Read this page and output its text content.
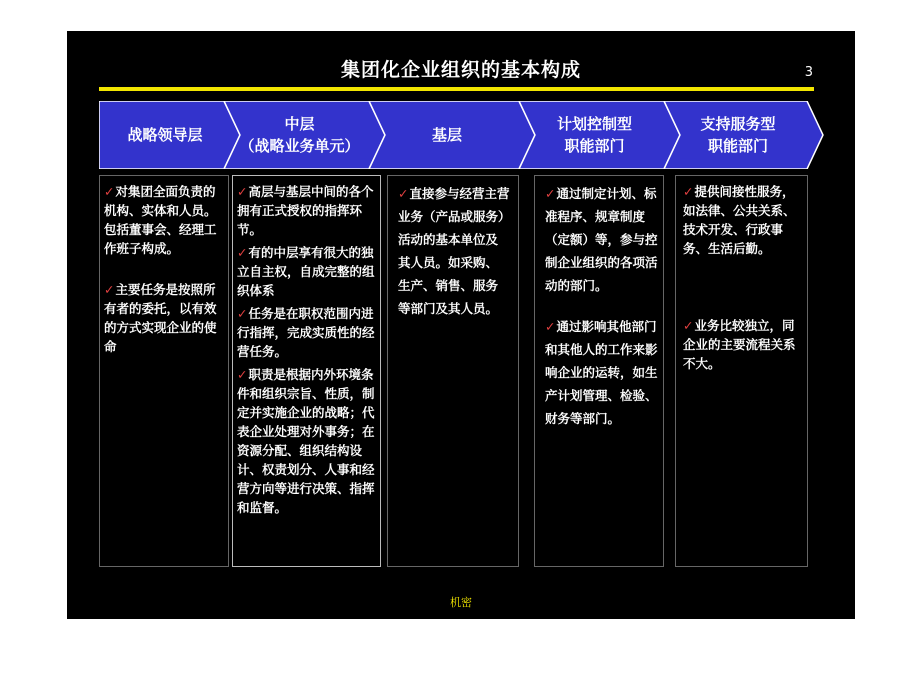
集团化企业组织的基本构成	3
战略领导层
中层
（战略业务单元）
基层
计划控制型
职能部门
支持服务型
职能部门
✓对集团全面负责的机构、实体和人员。包括董事会、经理工作班子构成。
✓主要任务是按照所有者的委托，以有效的方式实现企业的使命
✓高层与基层中间的各个拥有正式授权的指挥环节。
✓有的中层享有很大的独立自主权，自成完整的组织体系
✓任务是在职权范围内进行指挥，完成实质性的经营任务。
✓职责是根据内外环境条件和组织宗旨、性质，制定并实施企业的战略；代表企业处理对外事务；在资源分配、组织结构设计、权责划分、人事和经营方向等进行决策、指挥和监督。
✓直接参与经营主营业务（产品或服务）活动的基本单位及其人员。如采购、生产、销售、服务等部门及其人员。
✓通过制定计划、标准程序、规章制度（定额）等，参与控制企业组织的各项活动的部门。
✓通过影响其他部门和其他人的工作来影响企业的运转，如生产计划管理、检验、财务等部门。
✓提供间接性服务，如法律、公共关系、技术开发、行政事务、生活后勤。
✓业务比较独立，同企业的主要流程关系不大。
机密
